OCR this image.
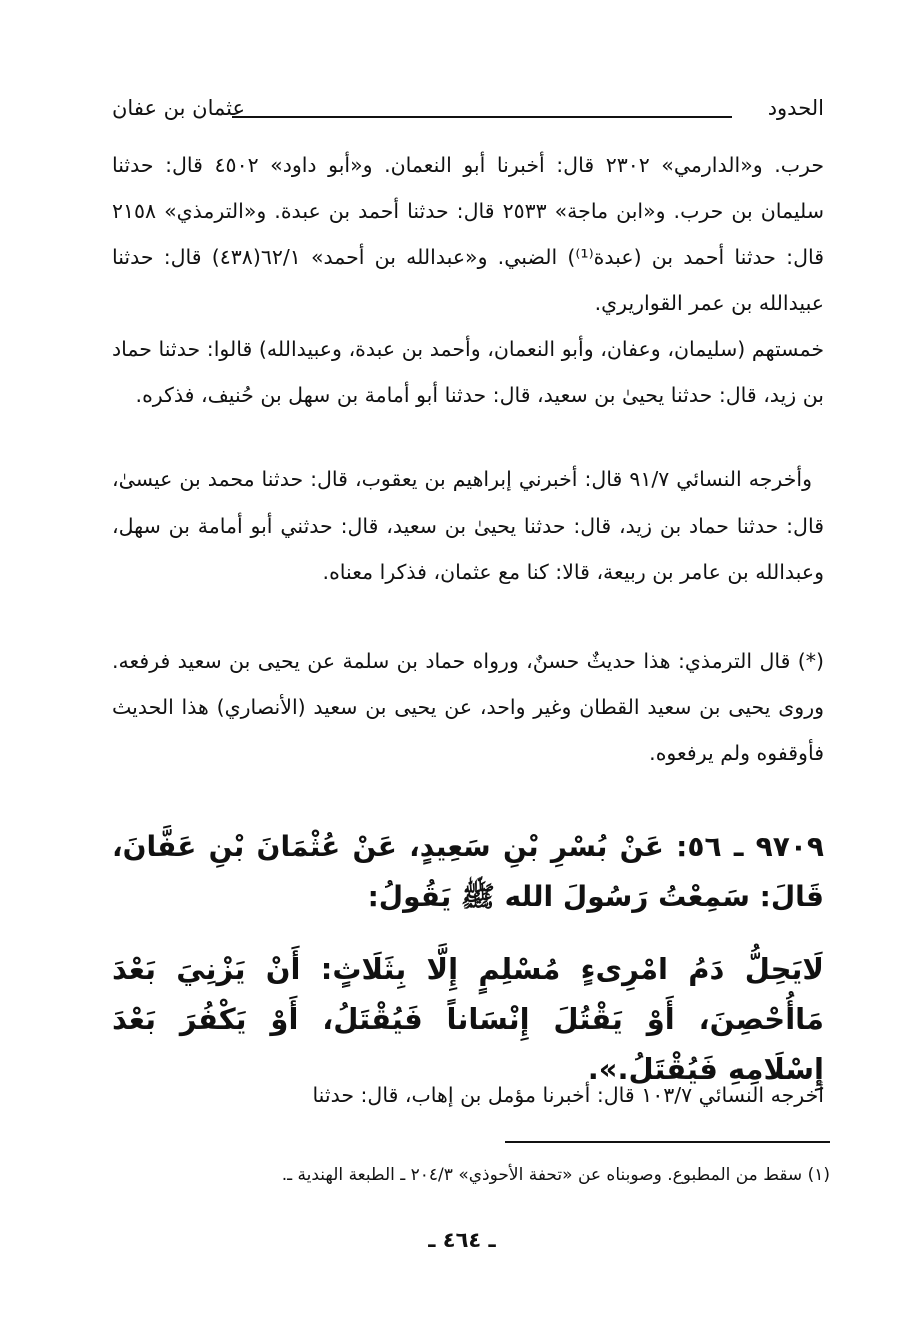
الحدود
عثمان بن عفان

حرب. و«الدارمي» ٢٣٠٢ قال: أخبرنا أبو النعمان. و«أبو داود» ٤٥٠٢ قال: حدثنا سليمان بن حرب. و«ابن ماجة» ٢٥٣٣ قال: حدثنا أحمد بن عبدة. و«الترمذي» ٢١٥٨ قال: حدثنا أحمد بن (عبدة⁽¹⁾) الضبي. و«عبدالله بن أحمد» ٦٢/١(٤٣٨) قال: حدثنا عبيدالله بن عمر القواريري.

خمستهم (سليمان، وعفان، وأبو النعمان، وأحمد بن عبدة، وعبيدالله) قالوا: حدثنا حماد بن زيد، قال: حدثنا يحيىٰ بن سعيد، قال: حدثنا أبو أمامة بن سهل بن حُنيف، فذكره.

وأخرجه النسائي ٩١/٧ قال: أخبرني إبراهيم بن يعقوب، قال: حدثنا محمد بن عيسىٰ، قال: حدثنا حماد بن زيد، قال: حدثنا يحيىٰ بن سعيد، قال: حدثني أبو أمامة بن سهل، وعبدالله بن عامر بن ربيعة، قالا: كنا مع عثمان، فذكرا معناه.

(*) قال الترمذي: هذا حديثٌ حسنٌ، ورواه حماد بن سلمة عن يحيى بن سعيد فرفعه. وروى يحيى بن سعيد القطان وغير واحد، عن يحيى بن سعيد (الأنصاري) هذا الحديث فأوقفوه ولم يرفعوه.

٩٧٠٩ ـ ٥٦: عَنْ بُسْرِ بْنِ سَعِيدٍ، عَنْ عُثْمَانَ بْنِ عَفَّانَ، قَالَ: سَمِعْتُ رَسُولَ الله ﷺ يَقُولُ:

لَايَحِلُّ دَمُ امْرِىءٍ مُسْلِمٍ إِلَّا بِثَلَاثٍ: أَنْ يَزْنِيَ بَعْدَ مَاأُحْصِنَ، أَوْ يَقْتُلَ إِنْسَاناً فَيُقْتَلُ، أَوْ يَكْفُرَ بَعْدَ إِسْلَامِهِ فَيُقْتَلُ.».

أخرجه النسائي ١٠٣/٧ قال: أخبرنا مؤمل بن إهاب، قال: حدثنا

(١) سقط من المطبوع. وصوبناه عن «تحفة الأحوذي» ٢٠٤/٣ ـ الطبعة الهندية ـ.

ـ ٤٦٤ ـ
